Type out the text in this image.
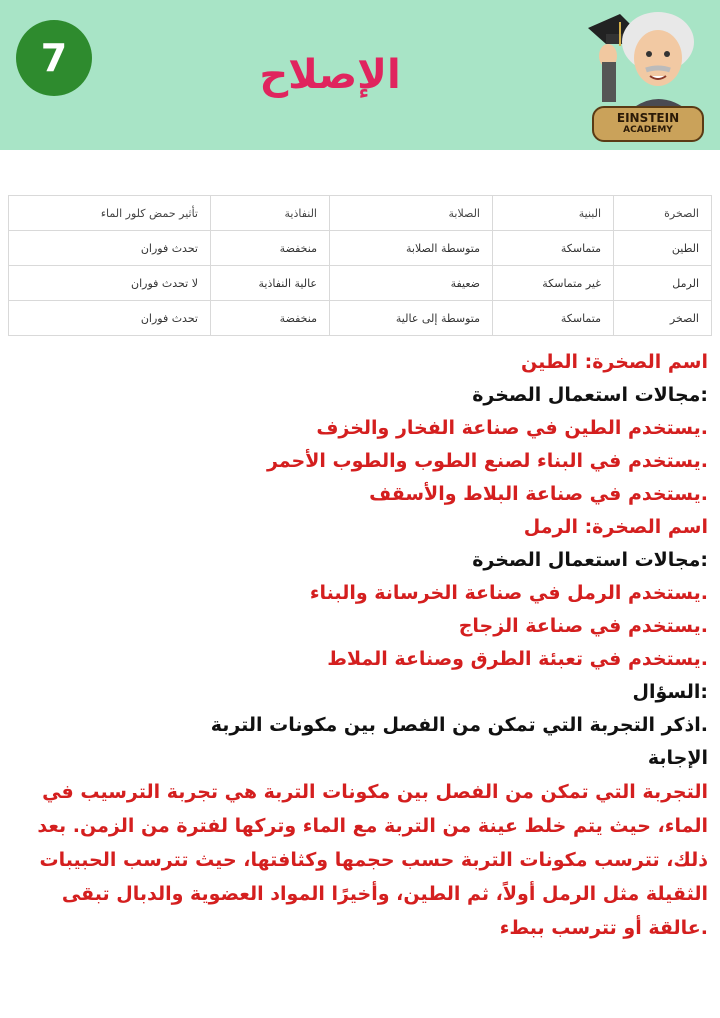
7	الإصلاح
EINSTEIN
ACADEMY
الصخرة	البنية	الصلابة	النفاذية	تأثير حمض كلور الماء
الطين	متماسكة	متوسطة الصلابة	منخفضة	تحدث فوران
الرمل	غير متماسكة	ضعيفة	عالية النفاذية	لا تحدث فوران
الصخر	متماسكة	متوسطة إلى عالية	منخفضة	تحدث فوران

اسم الصخرة: الطين

:مجالات استعمال الصخرة

.يستخدم الطين في صناعة الفخار والخزف

.يستخدم في البناء لصنع الطوب والطوب الأحمر

.يستخدم في صناعة البلاط والأسقف

اسم الصخرة: الرمل

:مجالات استعمال الصخرة

.يستخدم الرمل في صناعة الخرسانة والبناء

.يستخدم في صناعة الزجاج

.يستخدم في تعبئة الطرق وصناعة الملاط

:السؤال

.اذكر التجربة التي تمكن من الفصل بين مكونات التربة

الإجابة

التجربة التي تمكن من الفصل بين مكونات التربة هي تجربة الترسيب في الماء، حيث يتم خلط عينة من التربة مع الماء وتركها لفترة من الزمن. بعد ذلك، تترسب مكونات التربة حسب حجمها وكثافتها، حيث تترسب الحبيبات الثقيلة مثل الرمل أولاً، ثم الطين، وأخيرًا المواد العضوية والدبال تبقى .عالقة أو تترسب ببطء
